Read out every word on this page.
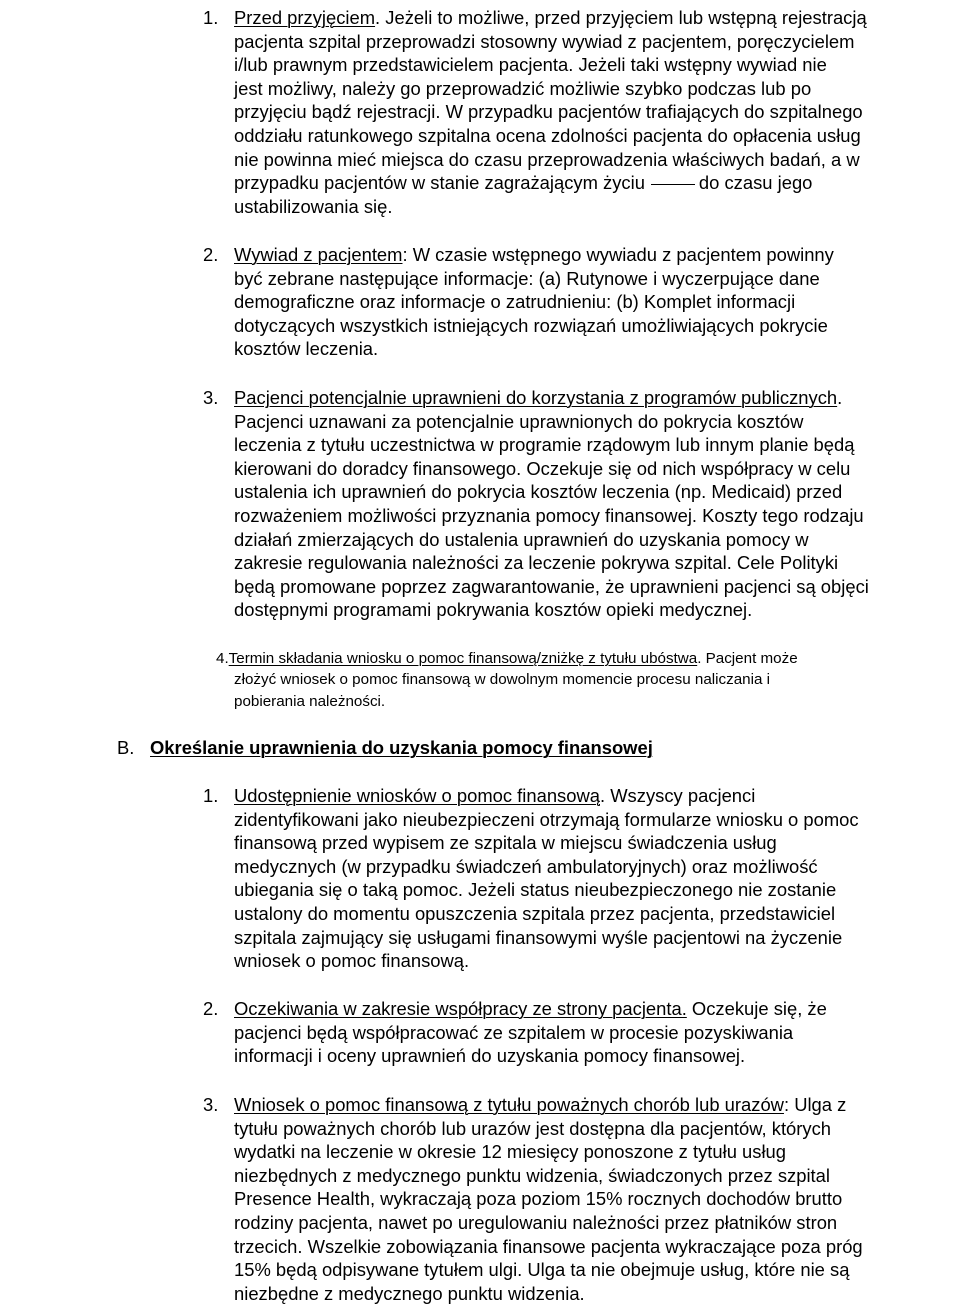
1. Przed przyjęciem. Jeżeli to możliwe, przed przyjęciem lub wstępną rejestracją
pacjenta szpital przeprowadzi stosowny wywiad z pacjentem, poręczycielem
i/lub prawnym przedstawicielem pacjenta. Jeżeli taki wstępny wywiad nie
jest możliwy, należy go przeprowadzić możliwie szybko podczas lub po
przyjęciu bądź rejestracji. W przypadku pacjentów trafiających do szpitalnego
oddziału ratunkowego szpitalna ocena zdolności pacjenta do opłacenia usług
nie powinna mieć miejsca do czasu przeprowadzenia właściwych badań, a w
przypadku pacjentów w stanie zagrażającym życiu	do czasu jego
ustabilizowania się.
2. Wywiad z pacjentem: W czasie wstępnego wywiadu z pacjentem powinny
być zebrane następujące informacje: (a) Rutynowe i wyczerpujące dane
demograficzne oraz informacje o zatrudnieniu: (b) Komplet informacji
dotyczących wszystkich istniejących rozwiązań umożliwiających pokrycie
kosztów leczenia.
3. Pacjenci potencjalnie uprawnieni do korzystania z programów publicznych.
Pacjenci uznawani za potencjalnie uprawnionych do pokrycia kosztów
leczenia z tytułu uczestnictwa w programie rządowym lub innym planie będą
kierowani do doradcy finansowego. Oczekuje się od nich współpracy w celu
ustalenia ich uprawnień do pokrycia kosztów leczenia (np. Medicaid) przed
rozważeniem możliwości przyznania pomocy finansowej. Koszty tego rodzaju
działań zmierzających do ustalenia uprawnień do uzyskania pomocy w
zakresie regulowania należności za leczenie pokrywa szpital. Cele Polityki
będą promowane poprzez zagwarantowanie, że uprawnieni pacjenci są objęci
dostępnymi programami pokrywania kosztów opieki medycznej.
4.Termin składania wniosku o pomoc finansową/zniżkę z tytułu ubóstwa. Pacjent może

złożyć wniosek o pomoc finansową w dowolnym momencie procesu naliczania i
pobierania należności.
B. Określanie uprawnienia do uzyskania pomocy finansowej
1. Udostępnienie wniosków o pomoc finansową. Wszyscy pacjenci
zidentyfikowani jako nieubezpieczeni otrzymają formularze wniosku o pomoc
finansową przed wypisem ze szpitala w miejscu świadczenia usług
medycznych (w przypadku świadczeń ambulatoryjnych) oraz możliwość
ubiegania się o taką pomoc. Jeżeli status nieubezpieczonego nie zostanie
ustalony do momentu opuszczenia szpitala przez pacjenta, przedstawiciel
szpitala zajmujący się usługami finansowymi wyśle pacjentowi na życzenie
wniosek o pomoc finansową.
2. Oczekiwania w zakresie współpracy ze strony pacjenta. Oczekuje się, że
pacjenci będą współpracować ze szpitalem w procesie pozyskiwania
informacji i oceny uprawnień do uzyskania pomocy finansowej.
3. Wniosek o pomoc finansową z tytułu poważnych chorób lub urazów: Ulga z
tytułu poważnych chorób lub urazów jest dostępna dla pacjentów, których
wydatki na leczenie w okresie 12 miesięcy ponoszone z tytułu usług
niezbędnych z medycznego punktu widzenia, świadczonych przez szpital
Presence Health, wykraczają poza poziom 15% rocznych dochodów brutto
rodziny pacjenta, nawet po uregulowaniu należności przez płatników stron
trzecich. Wszelkie zobowiązania finansowe pacjenta wykraczające poza próg
15% będą odpisywane tytułem ulgi. Ulga ta nie obejmuje usług, które nie są
niezbędne z medycznego punktu widzenia.
